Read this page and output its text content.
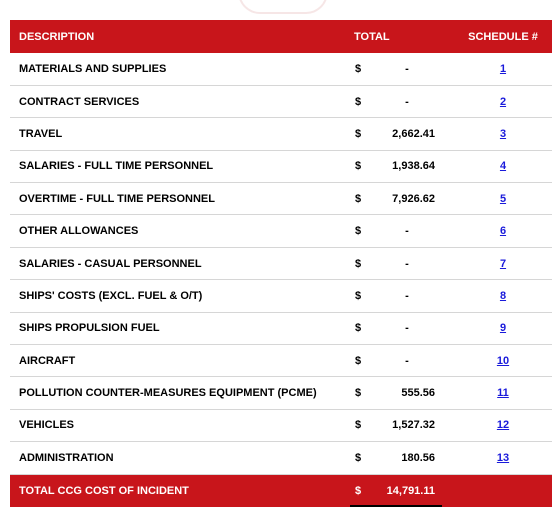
DESCRIPTION	TOTAL			SCHEDULE #
MATERIALS AND SUPPLIES	$	-		1
CONTRACT SERVICES	$	-		2
TRAVEL	$	2,662.41		3
SALARIES - FULL TIME PERSONNEL	$	1,938.64		4
OVERTIME - FULL TIME PERSONNEL	$	7,926.62		5
OTHER ALLOWANCES	$	-		6
SALARIES - CASUAL PERSONNEL	$	-		7
SHIPS' COSTS (EXCL. FUEL & O/T)	$	-		8
SHIPS PROPULSION FUEL	$	-		9
AIRCRAFT	$	-		10
POLLUTION COUNTER-MEASURES EQUIPMENT (PCME)	$	555.56		11
VEHICLES	$	1,527.32		12
ADMINISTRATION	$	180.56		13
TOTAL CCG COST OF INCIDENT	$	14,791.11		
